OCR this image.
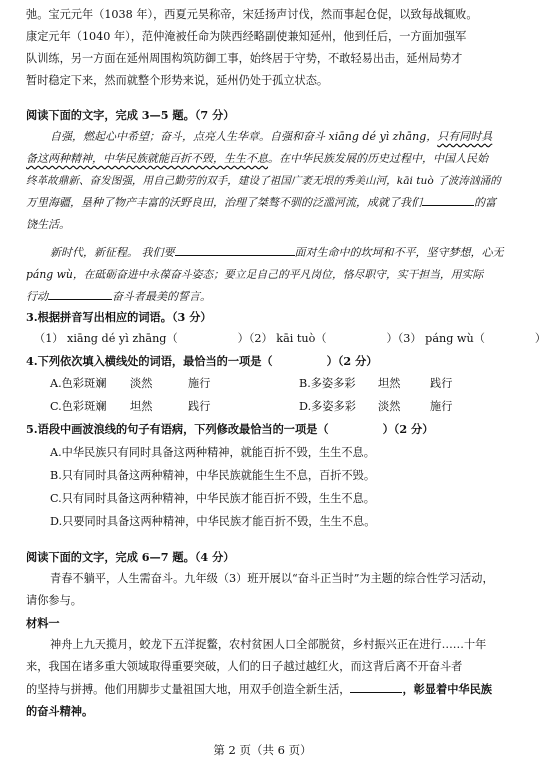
弛。宝元元年（1038 年），西夏元昊称帝，宋廷扬声讨伐，然而事起仓促，以致每战辄败。
康定元年（1040 年），范仲淹被任命为陕西经略副使兼知延州，他到任后，一方面加强军
队训练，另一方面在延州周围构筑防御工事，始终居于守势，不敢轻易出击，延州局势才
暂时稳定下来，然而就整个形势来说，延州仍处于孤立状态。
阅读下面的文字，完成 3—5 题。（7 分）
自强，燃起心中希望；奋斗，点亮人生华章。自强和奋斗 xiāng dé yì zhāng，只有同时具
备这两种精神，中华民族就能百折不毁，生生不息。在中华民族发展的历史过程中，中国人民始
终革故鼎新、奋发图强，用自己勤劳的双手，建设了祖国广袤无垠的秀美山河，kāi tuò 了波涛汹涌的
万里海疆，垦种了物产丰富的沃野良田，治理了桀骜不驯的泛滥河流，成就了我们	的富
饶生活。
新时代，新征程。 我们要	面对生命中的坎坷和不平，坚守梦想，心无
páng wù，在砥砺奋进中永葆奋斗姿态；要立足自己的平凡岗位，恪尽职守，实干担当，用实际
行动	奋斗者最美的誓言。
3.根据拼音写出相应的词语。（3 分）
（1） xiāng dé yì zhāng（	）（2） kāi tuò（	）（3） páng wù（	）
4.下列依次填入横线处的词语，最恰当的一项是（	）（2 分）
A.色彩斑斓 淡然	施行	B.多姿多彩 坦然	践行
C.色彩斑斓 坦然	践行	D.多姿多彩 淡然	施行
5.语段中画波浪线的句子有语病，下列修改最恰当的一项是（	）（2 分）
A.中华民族只有同时具备这两种精神，就能百折不毁，生生不息。
B.只有同时具备这两种精神，中华民族就能生生不息，百折不毁。
C.只有同时具备这两种精神，中华民族才能百折不毁，生生不息。
D.只要同时具备这两种精神，中华民族才能百折不毁，生生不息。
阅读下面的文字，完成 6—7 题。（4 分）
青春不躺平，人生需奋斗。九年级（3）班开展以“奋斗正当时”为主题的综合性学习活动，
请你参与。
材料一
神舟上九天揽月，蛟龙下五洋捉鳖，农村贫困人口全部脱贫，乡村振兴正在进行……十年
来，我国在诸多重大领域取得重要突破，人们的日子越过越红火，而这背后离不开奋斗者
的坚持与拼搏。他们用脚步丈量祖国大地，用双手创造全新生活，	，彰显着中华民族
的奋斗精神。
第 2 页（共 6 页）
